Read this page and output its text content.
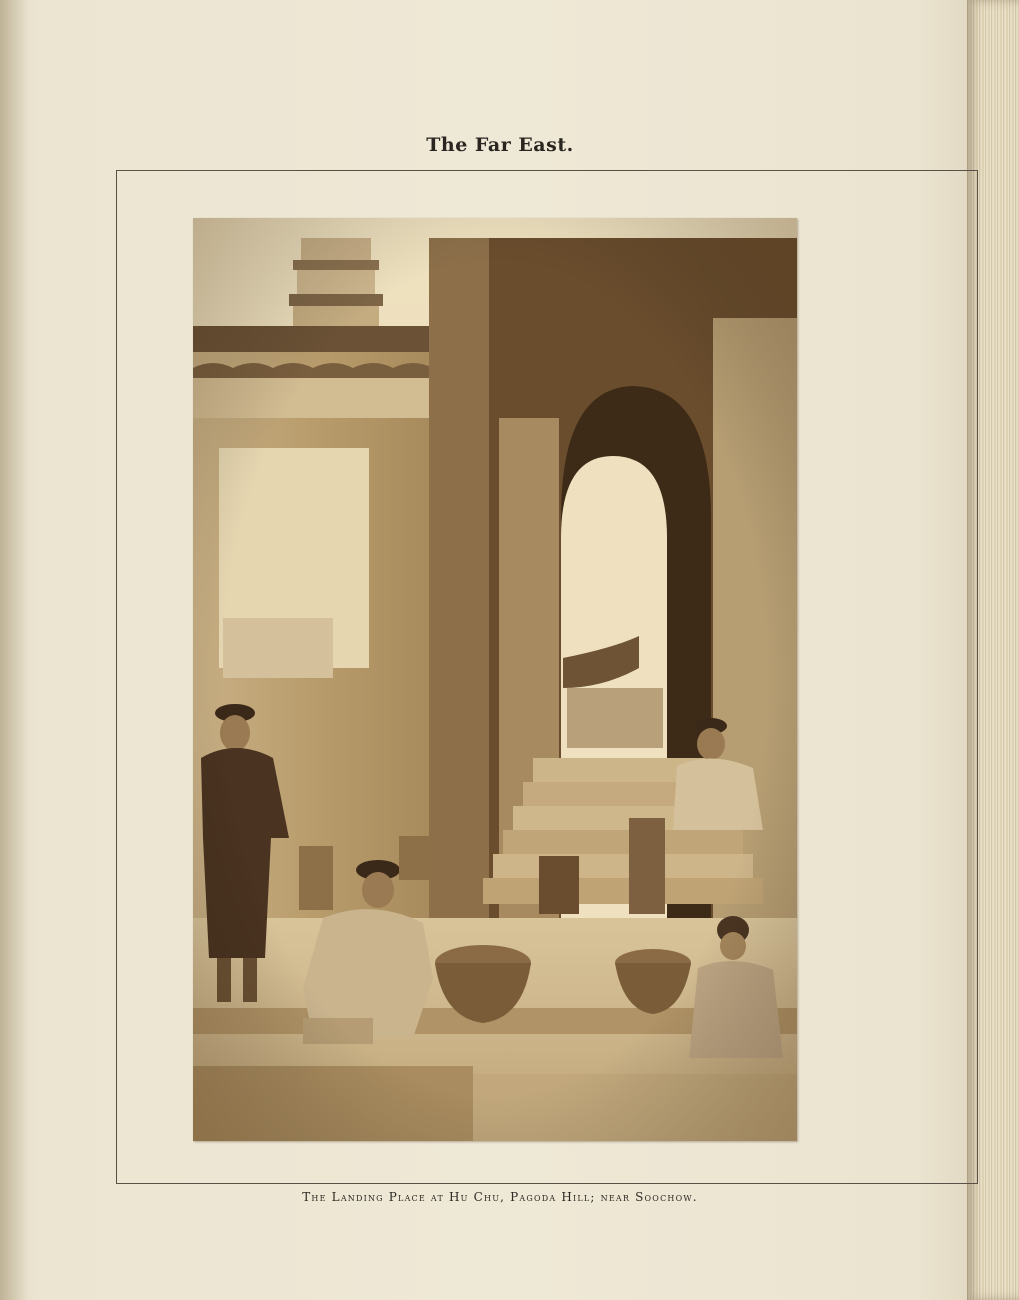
The Far East.
The Landing Place at Hu Chu, Pagoda Hill; near Soochow.
